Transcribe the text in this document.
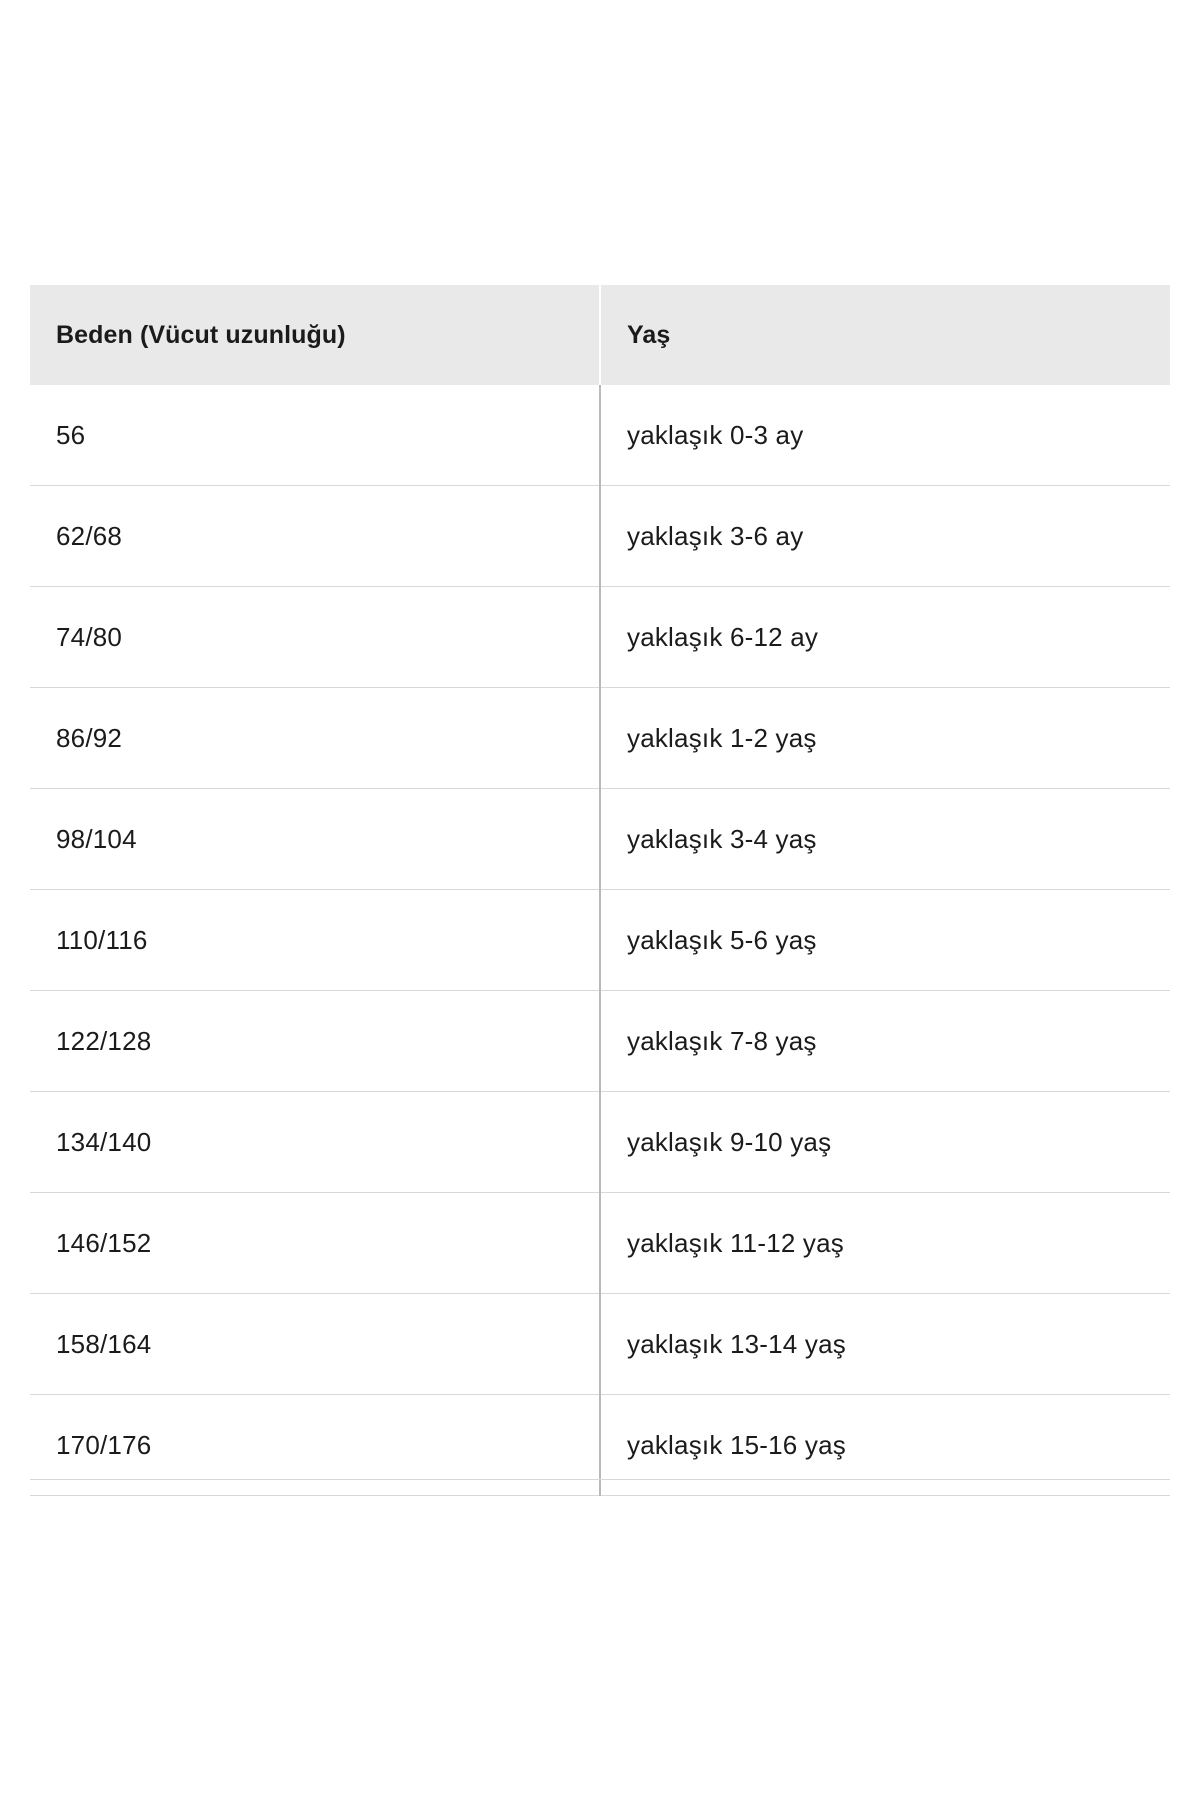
Beden (Vücut uzunluğu)	Yaş
56	yaklaşık 0-3 ay
62/68	yaklaşık 3-6 ay
74/80	yaklaşık 6-12 ay
86/92	yaklaşık 1-2 yaş
98/104	yaklaşık 3-4 yaş
110/116	yaklaşık 5-6 yaş
122/128	yaklaşık 7-8 yaş
134/140	yaklaşık 9-10 yaş
146/152	yaklaşık 11-12 yaş
158/164	yaklaşık 13-14 yaş
170/176	yaklaşık 15-16 yaş
